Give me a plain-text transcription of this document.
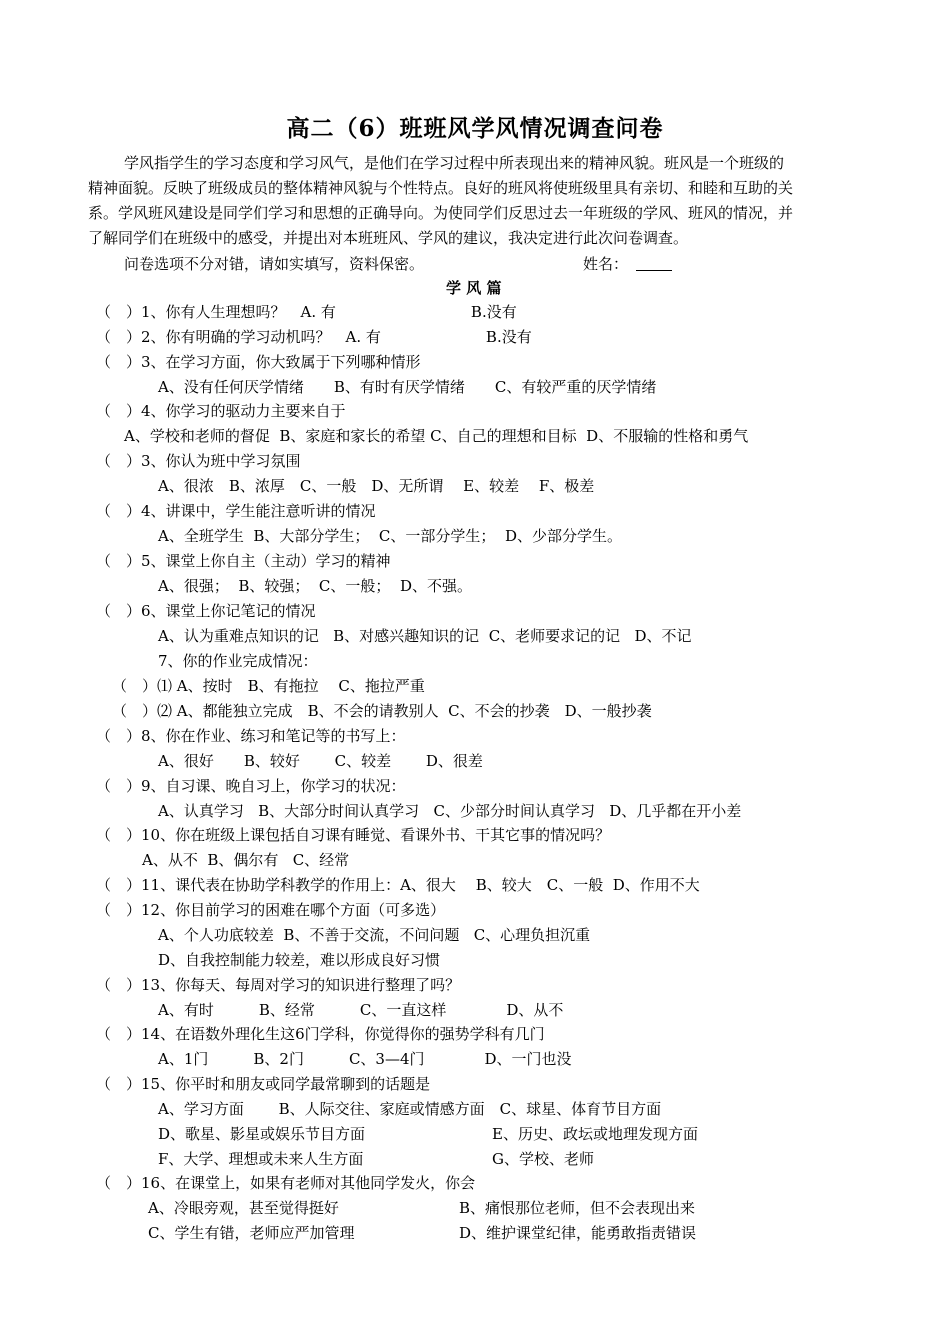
高二（6）班班风学风情况调查问卷
学风指学生的学习态度和学习风气，是他们在学习过程中所表现出来的精神风貌。班风是一个班级的
精神面貌。反映了班级成员的整体精神风貌与个性特点。良好的班风将使班级里具有亲切、和睦和互助的关
系。学风班风建设是同学们学习和思想的正确导向。为使同学们反思过去一年班级的学风、班风的情况，并
了解同学们在班级中的感受，并提出对本班班风、学风的建议，我决定进行此次问卷调查。
问卷选项不分对错，请如实填写，资料保密。	姓名：
学 风 篇
（　）1、你有人生理想吗？　A. 有　　　　　　　　　B.没有
（　）2、你有明确的学习动机吗？　A. 有　　　　　　　B.没有
（　）3、在学习方面，你大致属于下列哪种情形
A、没有任何厌学情绪　　B、有时有厌学情绪　　C、有较严重的厌学情绪
（　）4、你学习的驱动力主要来自于
A、学校和老师的督促  B、家庭和家长的希望 C、自己的理想和目标  D、不服输的性格和勇气
（　）3、你认为班中学习氛围
A、很浓　B、浓厚　C、一般　D、无所谓　 E、较差　 F、极差
（　）4、讲课中，学生能注意听讲的情况
A、全班学生  B、大部分学生；  C、一部分学生；  D、少部分学生。
（　）5、课堂上你自主（主动）学习的精神
A、很强；  B、较强；  C、一般；  D、不强。
（　）6、课堂上你记笔记的情况
A、认为重难点知识的记   B、对感兴趣知识的记  C、老师要求记的记   D、不记
7、你的作业完成情况：
（　）⑴ A、按时　B、有拖拉　 C、拖拉严重
（　）⑵ A、都能独立完成　B、不会的请教别人  C、不会的抄袭　D、一般抄袭
（　）8、你在作业、练习和笔记等的书写上：
A、很好　　B、较好　　 C、较差　　 D、很差
（　）9、自习课、晚自习上，你学习的状况：
A、认真学习   B、大部分时间认真学习   C、少部分时间认真学习   D、几乎都在开小差
（　）10、你在班级上课包括自习课有睡觉、看课外书、干其它事的情况吗？
A、从不  B、偶尔有   C、经常
（　）11、课代表在协助学科教学的作用上：A、很大　 B、较大　C、一般  D、作用不大
（　）12、你目前学习的困难在哪个方面（可多选）
A、个人功底较差  B、不善于交流，不问问题   C、心理负担沉重
D、自我控制能力较差，难以形成良好习惯
（　）13、你每天、每周对学习的知识进行整理了吗？
A、有时　　　B、经常　　　C、一直这样　　　　D、从不
（　）14、在语数外理化生这6门学科，你觉得你的强势学科有几门
A、1门　　　B、2门　　　C、3—4门　　　　D、一门也没
（　）15、你平时和朋友或同学最常聊到的话题是
A、学习方面　　 B、人际交往、家庭或情感方面　C、球星、体育节目方面
D、歌星、影星或娱乐节目方面	E、历史、政坛或地理发现方面
F、大学、理想或未来人生方面	G、学校、老师
（　）16、在课堂上，如果有老师对其他同学发火，你会
A、冷眼旁观，甚至觉得挺好	B、痛恨那位老师，但不会表现出来
C、学生有错，老师应严加管理	D、维护课堂纪律，能勇敢指责错误
